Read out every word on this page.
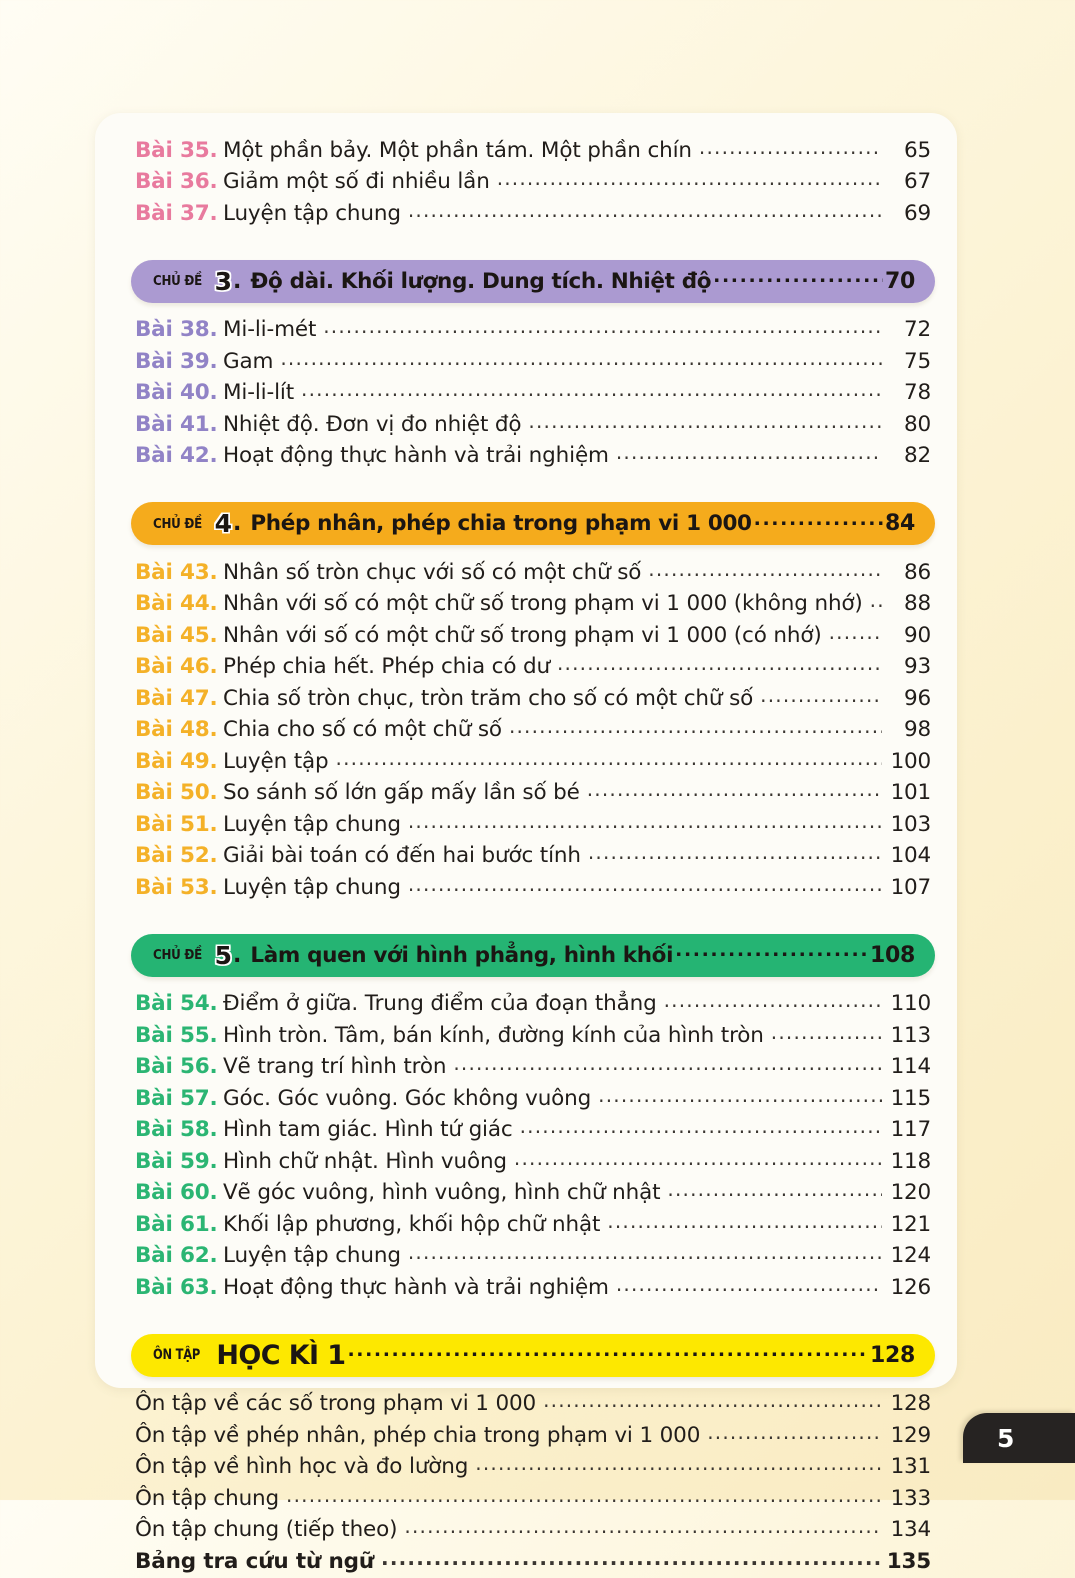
Bài 35. Một phần bảy. Một phần tám. Một phần chín .....	65
Bài 36. Giảm một số đi nhiều lần .....	67
Bài 37. Luyện tập chung .....	69
CHỦ ĐỀ 3 . Độ dài. Khối lượng. Dung tích. Nhiệt độ .....	70
Bài 38. Mi-li-mét .....	72
Bài 39. Gam .....	75
Bài 40. Mi-li-lít .....	78
Bài 41. Nhiệt độ. Đơn vị đo nhiệt độ .....	80
Bài 42. Hoạt động thực hành và trải nghiệm .....	82
CHỦ ĐỀ 4 . Phép nhân, phép chia trong phạm vi 1 000 .....	84
Bài 43. Nhân số tròn chục với số có một chữ số .....	86
Bài 44. Nhân với số có một chữ số trong phạm vi 1 000 (không nhớ) .....	88
Bài 45. Nhân với số có một chữ số trong phạm vi 1 000 (có nhớ) .....	90
Bài 46. Phép chia hết. Phép chia có dư .....	93
Bài 47. Chia số tròn chục, tròn trăm cho số có một chữ số .....	96
Bài 48. Chia cho số có một chữ số .....	98
Bài 49. Luyện tập .....	100
Bài 50. So sánh số lớn gấp mấy lần số bé .....	101
Bài 51. Luyện tập chung .....	103
Bài 52. Giải bài toán có đến hai bước tính .....	104
Bài 53. Luyện tập chung .....	107
CHỦ ĐỀ 5 . Làm quen với hình phẳng, hình khối .....	108
Bài 54. Điểm ở giữa. Trung điểm của đoạn thẳng .....	110
Bài 55. Hình tròn. Tâm, bán kính, đường kính của hình tròn .....	113
Bài 56. Vẽ trang trí hình tròn .....	114
Bài 57. Góc. Góc vuông. Góc không vuông .....	115
Bài 58. Hình tam giác. Hình tứ giác .....	117
Bài 59. Hình chữ nhật. Hình vuông .....	118
Bài 60. Vẽ góc vuông, hình vuông, hình chữ nhật .....	120
Bài 61. Khối lập phương, khối hộp chữ nhật .....	121
Bài 62. Luyện tập chung .....	124
Bài 63. Hoạt động thực hành và trải nghiệm .....	126
ÔN TẬP HỌC KÌ 1 .....	128
Ôn tập về các số trong phạm vi 1 000 .....	128
Ôn tập về phép nhân, phép chia trong phạm vi 1 000 .....	129
Ôn tập về hình học và đo lường .....	131
Ôn tập chung .....	133
Ôn tập chung (tiếp theo) .....	134
Bảng tra cứu từ ngữ .....	135
5
